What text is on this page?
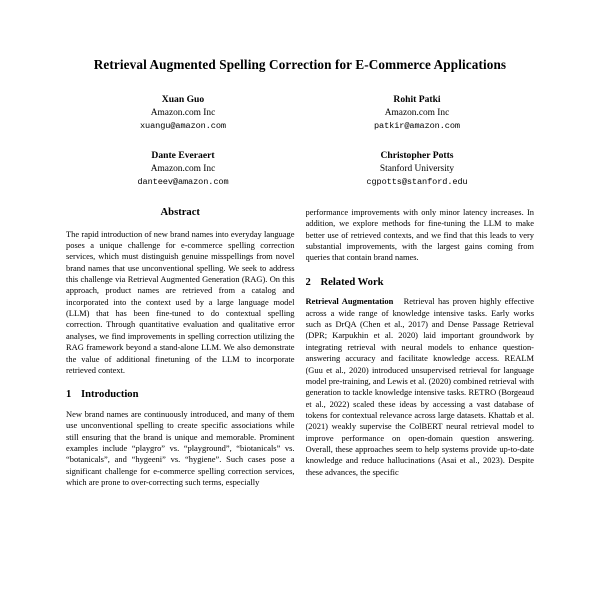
Retrieval Augmented Spelling Correction for E-Commerce Applications
Xuan Guo
Amazon.com Inc
xuangu@amazon.com
Rohit Patki
Amazon.com Inc
patkir@amazon.com
Dante Everaert
Amazon.com Inc
danteev@amazon.com
Christopher Potts
Stanford University
cgpotts@stanford.edu
Abstract

The rapid introduction of new brand names into everyday language poses a unique challenge for e-commerce spelling correction services, which must distinguish genuine misspellings from novel brand names that use unconventional spelling. We seek to address this challenge via Retrieval Augmented Generation (RAG). On this approach, product names are retrieved from a catalog and incorporated into the context used by a large language model (LLM) that has been fine-tuned to do contextual spelling correction. Through quantitative evaluation and qualitative error analyses, we find improvements in spelling correction utilizing the RAG framework beyond a stand-alone LLM. We also demonstrate the value of additional finetuning of the LLM to incorporate retrieved context.

1 Introduction

New brand names are continuously introduced, and many of them use unconventional spelling to create specific associations while still ensuring that the brand is unique and memorable. Prominent examples include “playgro” vs. “playground”, “biotanicals” vs. “botanicals”, and “hygeeni” vs. “hygiene”. Such cases pose a significant challenge for e-commerce spelling correction services, which are prone to over-correcting such terms, especially

performance improvements with only minor latency increases. In addition, we explore methods for fine-tuning the LLM to make better use of retrieved contexts, and we find that this leads to very substantial improvements, with the largest gains coming from queries that contain brand names.

2 Related Work

Retrieval Augmentation Retrieval has proven highly effective across a wide range of knowledge intensive tasks. Early works such as DrQA (Chen et al., 2017) and Dense Passage Retrieval (DPR; Karpukhin et al. 2020) laid important groundwork by integrating retrieval with neural models to enhance question-answering accuracy and facilitate knowledge access. REALM (Guu et al., 2020) introduced unsupervised retrieval for language model pre-training, and Lewis et al. (2020) combined retrieval with generation to tackle knowledge intensive tasks. RETRO (Borgeaud et al., 2022) scaled these ideas by accessing a vast database of tokens for contextual relevance across large datasets. Khattab et al. (2021) weakly supervise the ColBERT neural retrieval model to improve performance on open-domain question answering. Overall, these approaches seem to help systems provide up-to-date knowledge and reduce hallucinations (Asai et al., 2023). Despite these advances, the specific
